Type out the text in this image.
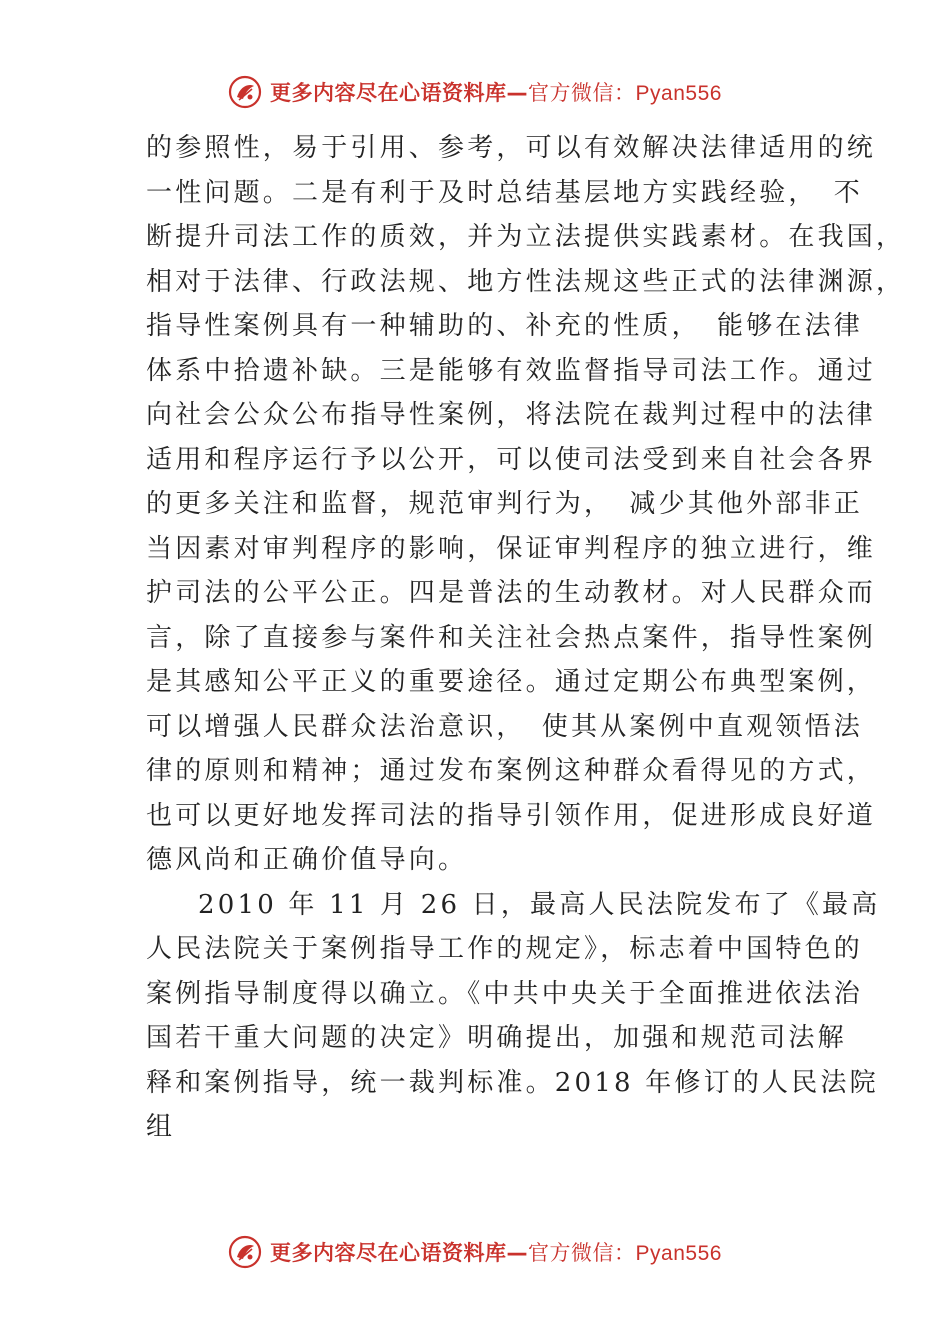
更多内容尽在心语资料库—官方微信：Pyan556
的参照性，易于引用、参考，可以有效解决法律适用的统
一性问题。二是有利于及时总结基层地方实践经验，　不
断提升司法工作的质效，并为立法提供实践素材。在我国，
相对于法律、行政法规、地方性法规这些正式的法律渊源，
指导性案例具有一种辅助的、补充的性质，　能够在法律
体系中拾遗补缺。三是能够有效监督指导司法工作。通过
向社会公众公布指导性案例，将法院在裁判过程中的法律
适用和程序运行予以公开，可以使司法受到来自社会各界
的更多关注和监督，规范审判行为，　减少其他外部非正
当因素对审判程序的影响，保证审判程序的独立进行，维
护司法的公平公正。四是普法的生动教材。对人民群众而
言，除了直接参与案件和关注社会热点案件，指导性案例
是其感知公平正义的重要途径。通过定期公布典型案例，
可以增强人民群众法治意识，　使其从案例中直观领悟法
律的原则和精神；通过发布案例这种群众看得见的方式，
也可以更好地发挥司法的指导引领作用，促进形成良好道
德风尚和正确价值导向。
2010 年 11 月 26 日，最高人民法院发布了《最高
人民法院关于案例指导工作的规定》，标志着中国特色的
案例指导制度得以确立。《中共中央关于全面推进依法治
国若干重大问题的决定》明确提出，加强和规范司法解
释和案例指导，统一裁判标准。2018 年修订的人民法院
组
更多内容尽在心语资料库—官方微信：Pyan556
